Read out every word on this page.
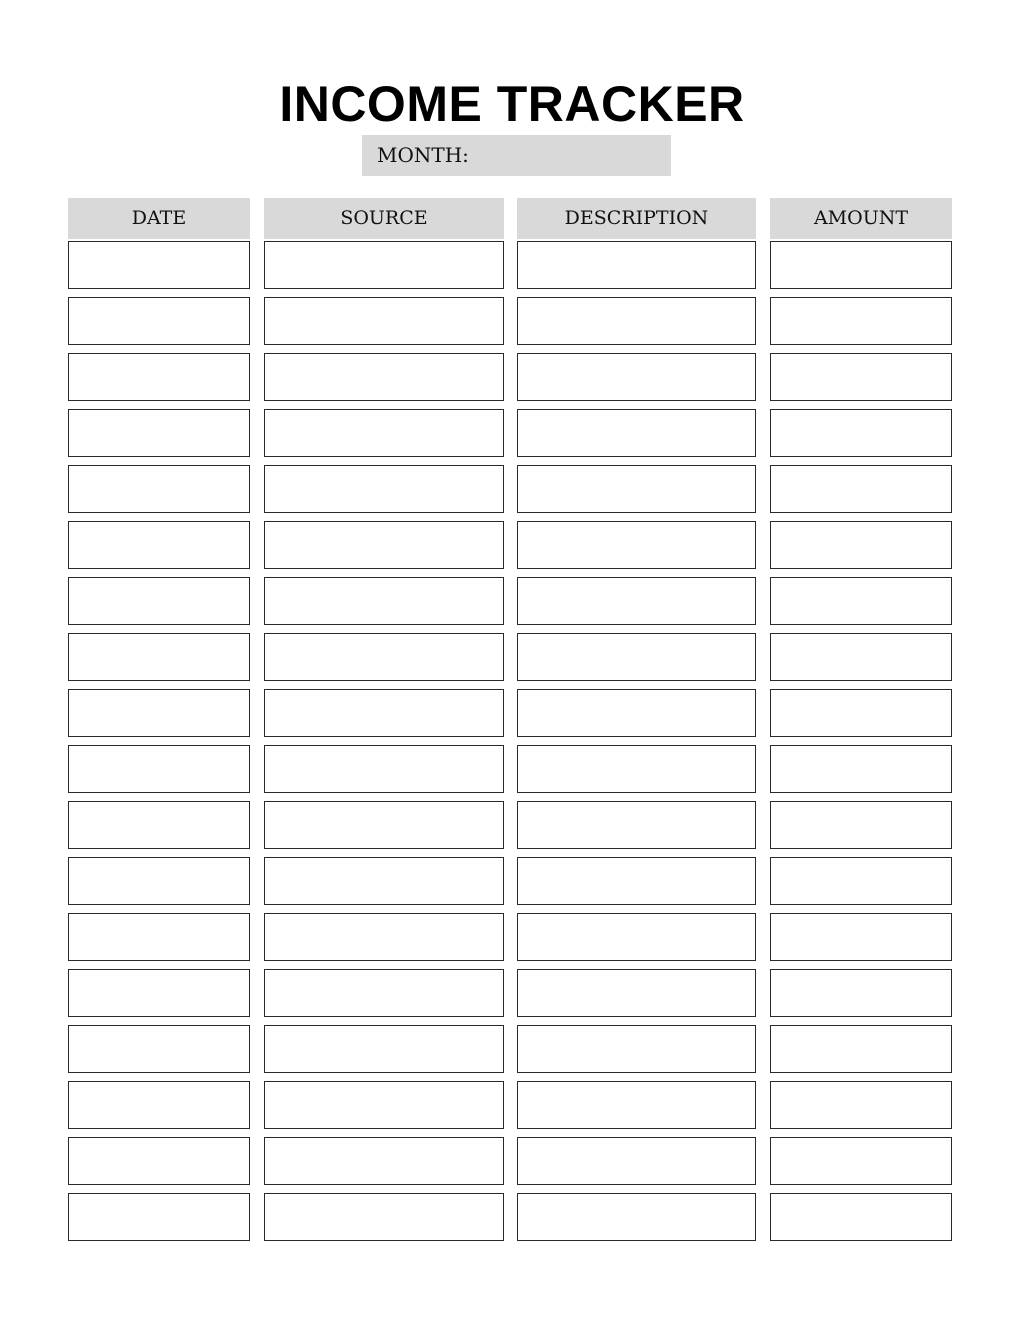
INCOME TRACKER
MONTH:
DATE	SOURCE	DESCRIPTION	AMOUNT
